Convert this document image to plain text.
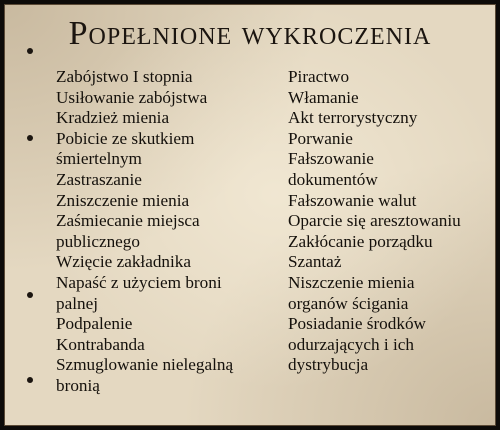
Popełnione wykroczenia
Zabójstwo I stopnia
Usiłowanie zabójstwa
Kradzież mienia
Pobicie ze skutkiem śmiertelnym
Zastraszanie
Zniszczenie mienia
Zaśmiecanie miejsca publicznego
Wzięcie zakładnika
Napaść z użyciem broni palnej
Podpalenie
Kontrabanda
Szmuglowanie nielegalną bronią
Piractwo
Włamanie
Akt terrorystyczny
Porwanie
Fałszowanie dokumentów
Fałszowanie walut
Oparcie się aresztowaniu
Zakłócanie porządku
Szantaż
Niszczenie mienia organów ścigania
Posiadanie środków odurzających i ich dystrybucja
